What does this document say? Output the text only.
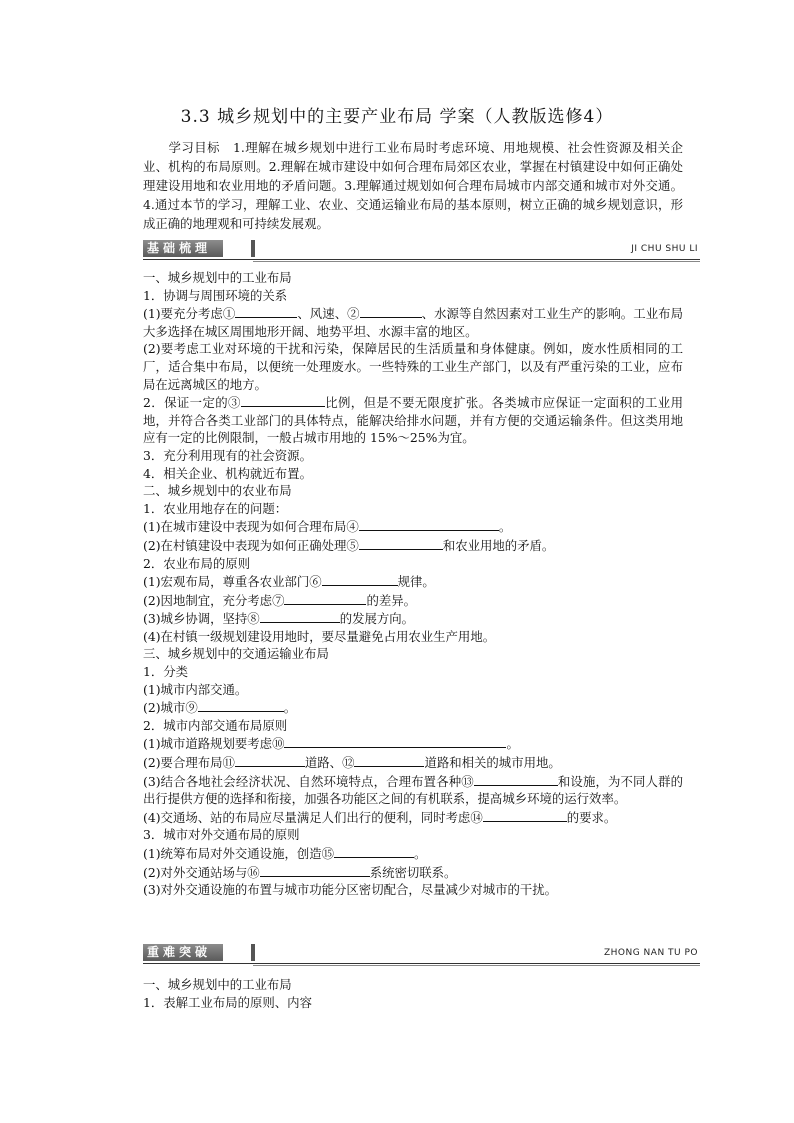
3.3 城乡规划中的主要产业布局 学案（人教版选修4）
学习目标　1.理解在城乡规划中进行工业布局时考虑环境、用地规模、社会性资源及相关企业、机构的布局原则。2.理解在城市建设中如何合理布局郊区农业，掌握在村镇建设中如何正确处理建设用地和农业用地的矛盾问题。3.理解通过规划如何合理布局城市内部交通和城市对外交通。4.通过本节的学习，理解工业、农业、交通运输业布局的基本原则，树立正确的城乡规划意识，形成正确的地理观和可持续发展观。
基础梳理	JI CHU SHU LI

一、城乡规划中的工业布局

1．协调与周围环境的关系

(1)要充分考虑①	、风速、②	、水源等自然因素对工业生产的影响。工业布局大多选择在城区周围地形开阔、地势平坦、水源丰富的地区。

(2)要考虑工业对环境的干扰和污染，保障居民的生活质量和身体健康。例如，废水性质相同的工厂，适合集中布局，以便统一处理废水。一些特殊的工业生产部门，以及有严重污染的工业，应布局在远离城区的地方。

2．保证一定的③	比例，但是不要无限度扩张。各类城市应保证一定面积的工业用地，并符合各类工业部门的具体特点，能解决给排水问题，并有方便的交通运输条件。但这类用地应有一定的比例限制，一般占城市用地的 15%～25%为宜。

3．充分利用现有的社会资源。

4．相关企业、机构就近布置。

二、城乡规划中的农业布局

1．农业用地存在的问题：

(1)在城市建设中表现为如何合理布局④	。

(2)在村镇建设中表现为如何正确处理⑤	和农业用地的矛盾。

2．农业布局的原则

(1)宏观布局，尊重各农业部门⑥	规律。

(2)因地制宜，充分考虑⑦	的差异。

(3)城乡协调，坚持⑧	的发展方向。

(4)在村镇一级规划建设用地时，要尽量避免占用农业生产用地。

三、城乡规划中的交通运输业布局

1．分类

(1)城市内部交通。

(2)城市⑨	。

2．城市内部交通布局原则

(1)城市道路规划要考虑⑩	。

(2)要合理布局⑪	道路、⑫	道路和相关的城市用地。

(3)结合各地社会经济状况、自然环境特点，合理布置各种⑬	和设施，为不同人群的出行提供方便的选择和衔接，加强各功能区之间的有机联系，提高城乡环境的运行效率。

(4)交通场、站的布局应尽量满足人们出行的便利，同时考虑⑭	的要求。

3．城市对外交通布局的原则

(1)统筹布局对外交通设施，创造⑮	。

(2)对外交通站场与⑯	系统密切联系。

(3)对外交通设施的布置与城市功能分区密切配合，尽量减少对城市的干扰。

重难突破	ZHONG NAN TU PO

一、城乡规划中的工业布局

1．表解工业布局的原则、内容
